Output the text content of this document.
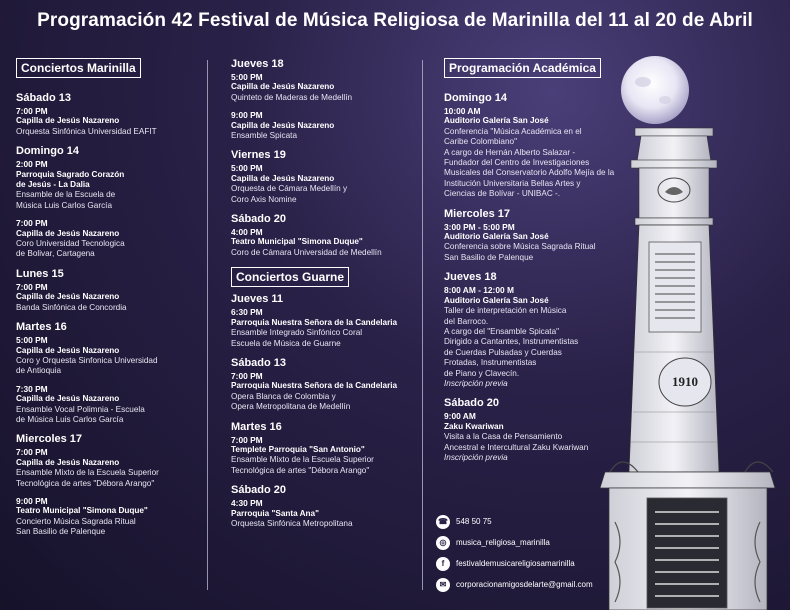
Programación 42 Festival de Música Religiosa de Marinilla del 11 al 20 de Abril
Conciertos Marinilla
Sábado 13
7:00 PM
Capilla de Jesús Nazareno
Orquesta Sinfónica Universidad EAFIT
Domingo 14
2:00 PM
Parroquia Sagrado Corazón
de Jesús - La Dalia
Ensamble de la Escuela de
Música Luis Carlos García
7:00 PM
Capilla de Jesús Nazareno
Coro Universidad Tecnologica
de Bolivar, Cartagena
Lunes 15
7:00 PM
Capilla de Jesús Nazareno
Banda Sinfónica de Concordia
Martes 16
5:00 PM
Capilla de Jesús Nazareno
Coro y Orquesta Sinfonica Universidad
de Antioquia
7:30 PM
Capilla de Jesús Nazareno
Ensamble Vocal Polimnia - Escuela
de Música Luis Carlos García
Miercoles 17
7:00 PM
Capilla de Jesús Nazareno
Ensamble Mixto de la Escuela Superior
Tecnológica de artes "Débora Arango"
9:00 PM
Teatro Municipal "Simona Duque"
Concierto Música Sagrada Ritual
San Basilio de Palenque
Jueves 18
5:00 PM
Capilla de Jesús Nazareno
Quinteto de Maderas de Medellín
9:00 PM
Capilla de Jesús Nazareno
Ensamble Spicata
Viernes 19
5:00 PM
Capilla de Jesús Nazareno
Orquesta de Cámara Medellín y
Coro Axis Nomine
Sábado 20
4:00 PM
Teatro Municipal "Simona Duque"
Coro de Cámara Universidad de Medellín
Conciertos Guarne
Jueves 11
6:30 PM
Parroquia Nuestra Señora de la Candelaria
Ensamble Integrado Sinfónico Coral
Escuela de Música de Guarne
Sábado 13
7:00 PM
Parroquia Nuestra Señora de la Candelaria
Opera Blanca de Colombia y
Opera Metropolitana de Medellín
Martes 16
7:00 PM
Templete Parroquia "San Antonio"
Ensamble Mixto de la Escuela Superior
Tecnológica de artes "Débora Arango"
Sábado 20
4:30 PM
Parroquia "Santa Ana"
Orquesta Sinfónica Metropolitana
Programación Académica
Domingo 14
10:00 AM
Auditorio Galería San José
Conferencia "Música Académica en el
Caribe Colombiano"
A cargo de Hernán Alberto Salazar -
Fundador del Centro de Investigaciones
Musicales del Conservatorio Adolfo Mejía de la
Institución Universitaria Bellas Artes y
Ciencias de Bolívar - UNIBAC -.
Miercoles 17
3:00 PM - 5:00 PM
Auditorio Galería San José
Conferencia sobre Música Sagrada Ritual
San Basilio de Palenque
Jueves 18
8:00 AM - 12:00 M
Auditorio Galería San José
Taller de interpretación en Música
del Barroco.
A cargo del "Ensamble Spicata"
Dirigido a Cantantes, Instrumentistas
de Cuerdas Pulsadas y Cuerdas
Frotadas, Instrumentistas
de Piano y Clavecín.
Inscripción previa
Sábado 20
9:00 AM
Zaku Kwariwan
Visita a la Casa de Pensamiento
Ancestral e Intercultural Zaku Kwariwan
Inscripción previa
☎ 548 50 75
◎	musica_religiosa_marinilla
f	festivaldemusicareligiosamarinilla
✉	corporacionamigosdelarte@gmail.com
1910
